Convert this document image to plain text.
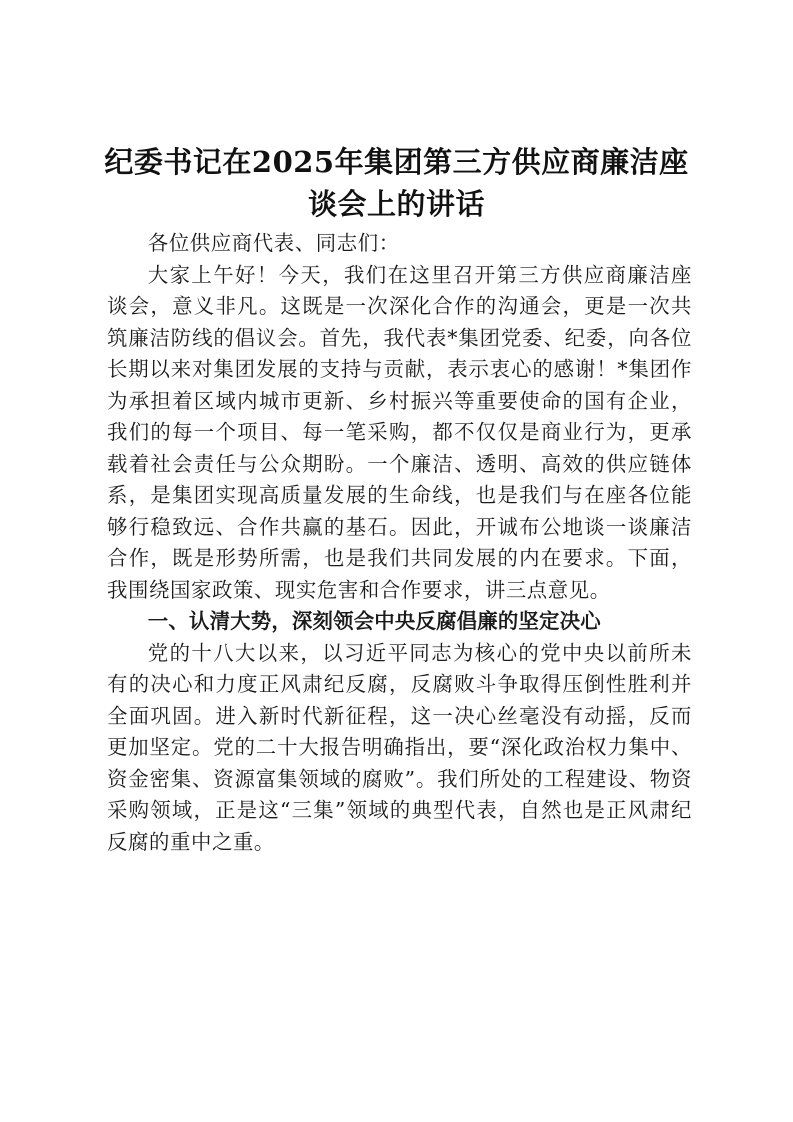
纪委书记在2025年集团第三方供应商廉洁座
谈会上的讲话

各位供应商代表、同志们：

大家上午好！今天，我们在这里召开第三方供应商廉洁座谈会，意义非凡。这既是一次深化合作的沟通会，更是一次共筑廉洁防线的倡议会。首先，我代表*集团党委、纪委，向各位长期以来对集团发展的支持与贡献，表示衷心的感谢！*集团作为承担着区域内城市更新、乡村振兴等重要使命的国有企业，我们的每一个项目、每一笔采购，都不仅仅是商业行为，更承载着社会责任与公众期盼。一个廉洁、透明、高效的供应链体系，是集团实现高质量发展的生命线，也是我们与在座各位能够行稳致远、合作共赢的基石。因此，开诚布公地谈一谈廉洁合作，既是形势所需，也是我们共同发展的内在要求。下面，我围绕国家政策、现实危害和合作要求，讲三点意见。

一、认清大势，深刻领会中央反腐倡廉的坚定决心

党的十八大以来，以习近平同志为核心的党中央以前所未有的决心和力度正风肃纪反腐，反腐败斗争取得压倒性胜利并全面巩固。进入新时代新征程，这一决心丝毫没有动摇，反而更加坚定。党的二十大报告明确指出，要“深化政治权力集中、资金密集、资源富集领域的腐败”。我们所处的工程建设、物资采购领域，正是这“三集”领域的典型代表，自然也是正风肃纪反腐的重中之重。
